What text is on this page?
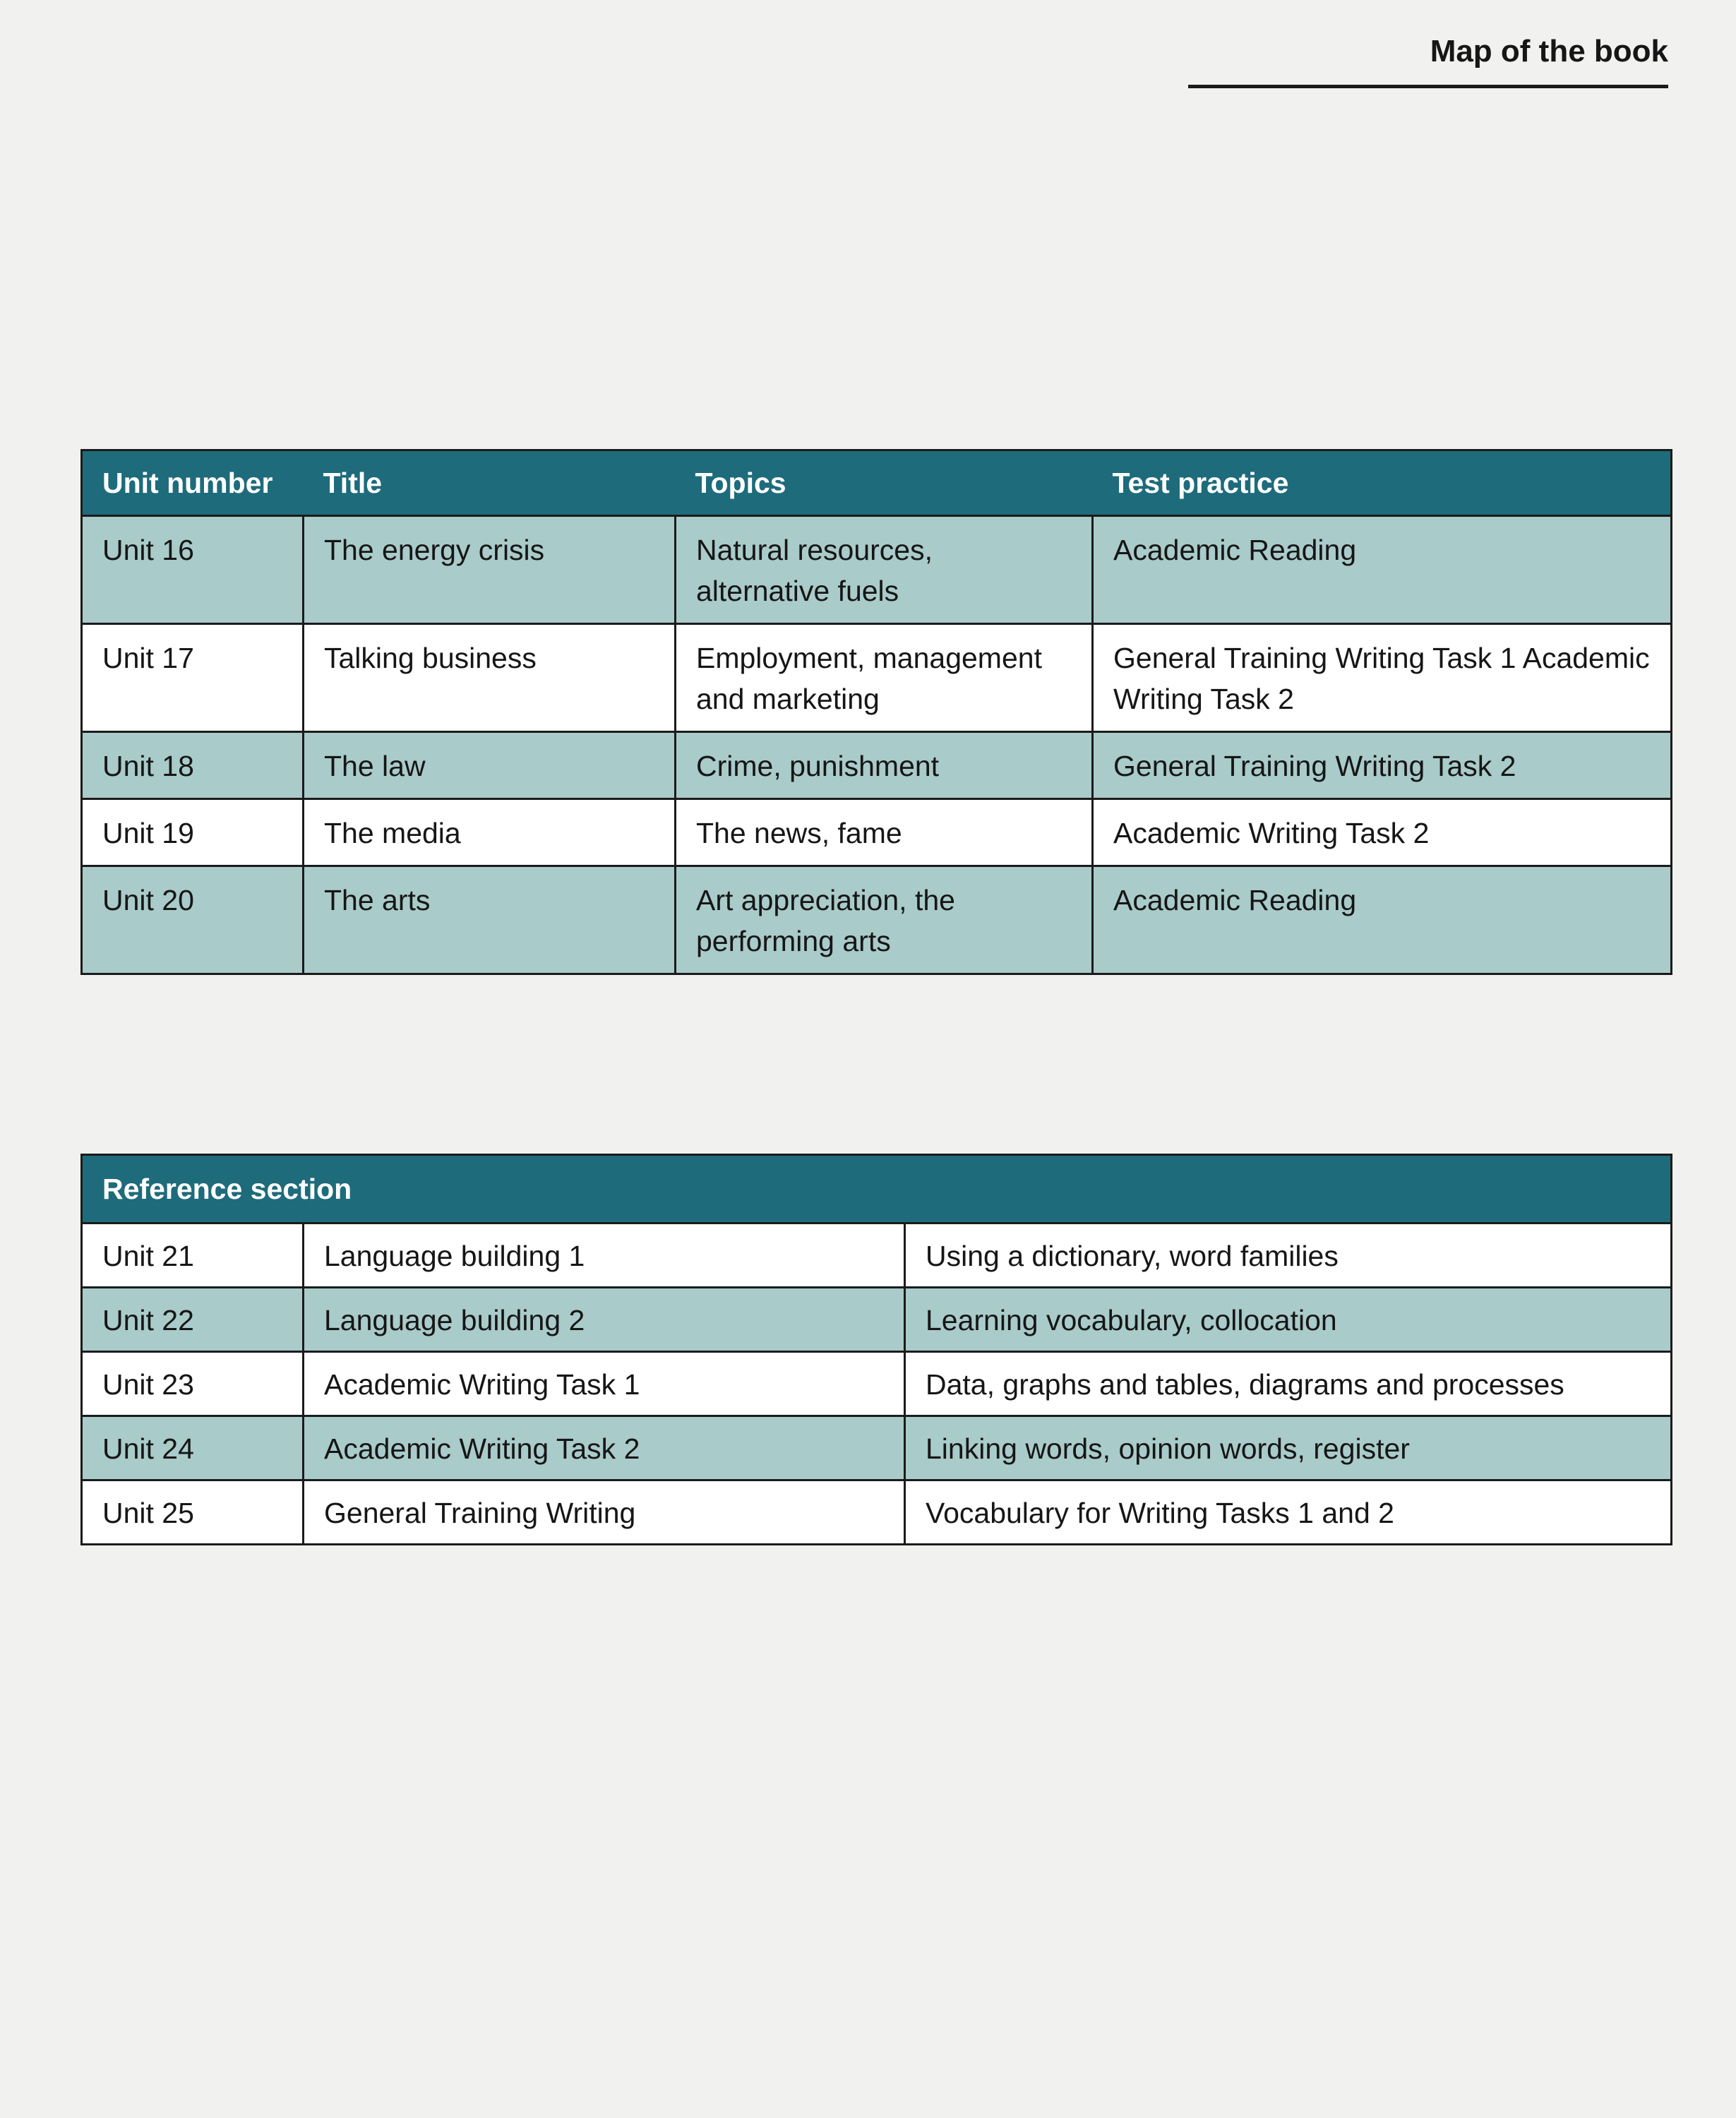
Map of the book
Unit number	Title	Topics	Test practice
Unit 16	The energy crisis	Natural resources, alternative fuels	Academic Reading
Unit 17	Talking business	Employment, management and marketing	General Training Writing Task 1 Academic Writing Task 2
Unit 18	The law	Crime, punishment	General Training Writing Task 2
Unit 19	The media	The news, fame	Academic Writing Task 2
Unit 20	The arts	Art appreciation, the performing arts	Academic Reading
Reference section		
Unit 21	Language building 1	Using a dictionary, word families
Unit 22	Language building 2	Learning vocabulary, collocation
Unit 23	Academic Writing Task 1	Data, graphs and tables, diagrams and processes
Unit 24	Academic Writing Task 2	Linking words, opinion words, register
Unit 25	General Training Writing	Vocabulary for Writing Tasks 1 and 2
